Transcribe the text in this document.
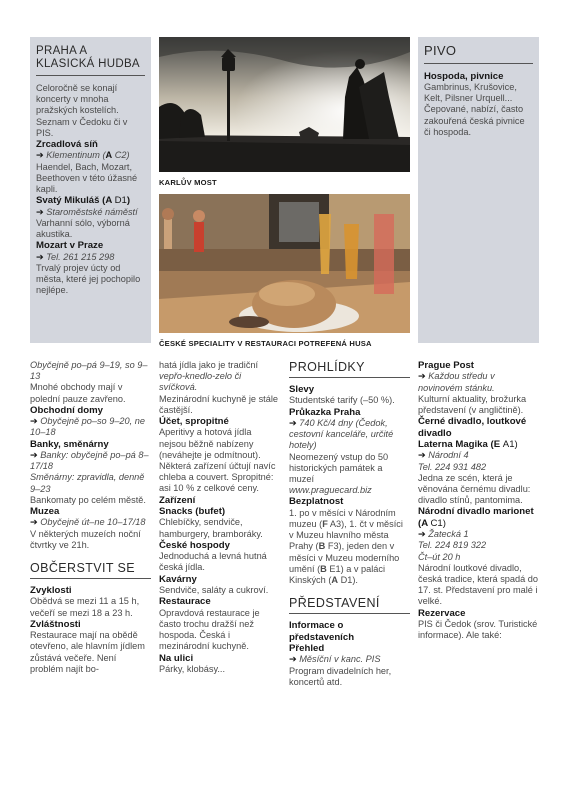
PRAHA A KLASICKÁ HUDBA

Celoročně se konají koncerty v mnoha pražských kostelích. Seznam v Čedoku či v PIS.

Zrcadlová síň

➔ Klementinum (A C2)

Haendel, Bach, Mozart, Beethoven v této úžasné kapli.

Svatý Mikuláš (A D1)

➔ Staroměstské náměstí

Varhanní sólo, výborná akustika.

Mozart v Praze

➔ Tel. 261 215 298

Trvalý projev úcty od města, které jej pochopilo nejlépe.

KARLŮV MOST
ČESKÉ SPECIALITY V RESTAURACI POTREFENÁ HUSA
PIVO

Hospoda, pivnice

Gambrinus, Krušovice, Kelt, Pilsner Urquell... Čepované, nabízí, často zakouřená česká pivnice či hospoda.

Obyčejně po–pá 9–19, so 9–13

Mnohé obchody mají v polední pauze zavřeno.

Obchodní domy

➔ Obyčejně po–so 9–20, ne 10–18

Banky, směnárny

➔ Banky: obyčejně po–pá 8–17/18

Směnárny: zpravidla, denně 9–23

Bankomaty po celém městě.

Muzea

➔ Obyčejně út–ne 10–17/18

V některých muzeích noční čtvrtky ve 21h.

OBČERSTVIT SE

Zvyklosti

Obědvá se mezi 11 a 15 h, večeří se mezi 18 a 23 h.

Zvláštnosti

Restaurace mají na obědě otevřeno, ale hlavním jídlem zůstává večeře. Není problém najít bo-

hatá jídla jako je tradiční vepřo-knedlo-zelo či svíčková.

Mezinárodní kuchyně je stále častější.

Účet, spropitné

Aperitivy a hotová jídla nejsou běžně nabízeny (neváhejte je odmítnout). Některá zařízení účtují navíc chleba a couvert. Spropitné: asi 10 % z celkové ceny.

Zařízení

Snacks (bufet)

Chlebíčky, sendviče, hamburgery, bramboráky.

České hospody

Jednoduchá a levná hutná česká jídla.

Kavárny

Sendviče, saláty a cukroví.

Restaurace

Opravdová restaurace je často trochu dražší než hospoda. Česká i mezinárodní kuchyně.

Na ulici

Párky, klobásy...

PROHLÍDKY

Slevy

Studentské tarify (–50 %).

Průkazka Praha

➔ 740 Kč/4 dny (Čedok, cestovní kanceláře, určité hotely)

Neomezený vstup do 50 historických památek a muzeí

www.praguecard.biz

Bezplatnost

1. po v měsíci v Národním muzeu (F A3), 1. čt v měsíci v Muzeu hlavního města Prahy (B F3), jeden den v měsíci v Muzeu moderního umění (B E1) a v paláci Kinských (A D1).

PŘEDSTAVENÍ

Informace o představeních

Přehled

➔ Měsíční v kanc. PIS

Program divadelních her, koncertů atd.

Prague Post

➔ Každou středu v novinovém stánku.

Kulturní aktuality, brožurka představení (v angličtině).

Černé divadlo, loutkové divadlo

Laterna Magika (E A1)

➔ Národní 4

Tel. 224 931 482

Jedna ze scén, která je věnována černému divadlu: divadlo stínů, pantomima.

Národní divadlo marionet (A C1)

➔ Žatecká 1

Tel. 224 819 322

Čt–út 20 h

Národní loutkové divadlo, česká tradice, která spadá do 17. st. Představení pro malé i velké.

Rezervace

PIS či Čedok (srov. Turistické informace). Ale také:
